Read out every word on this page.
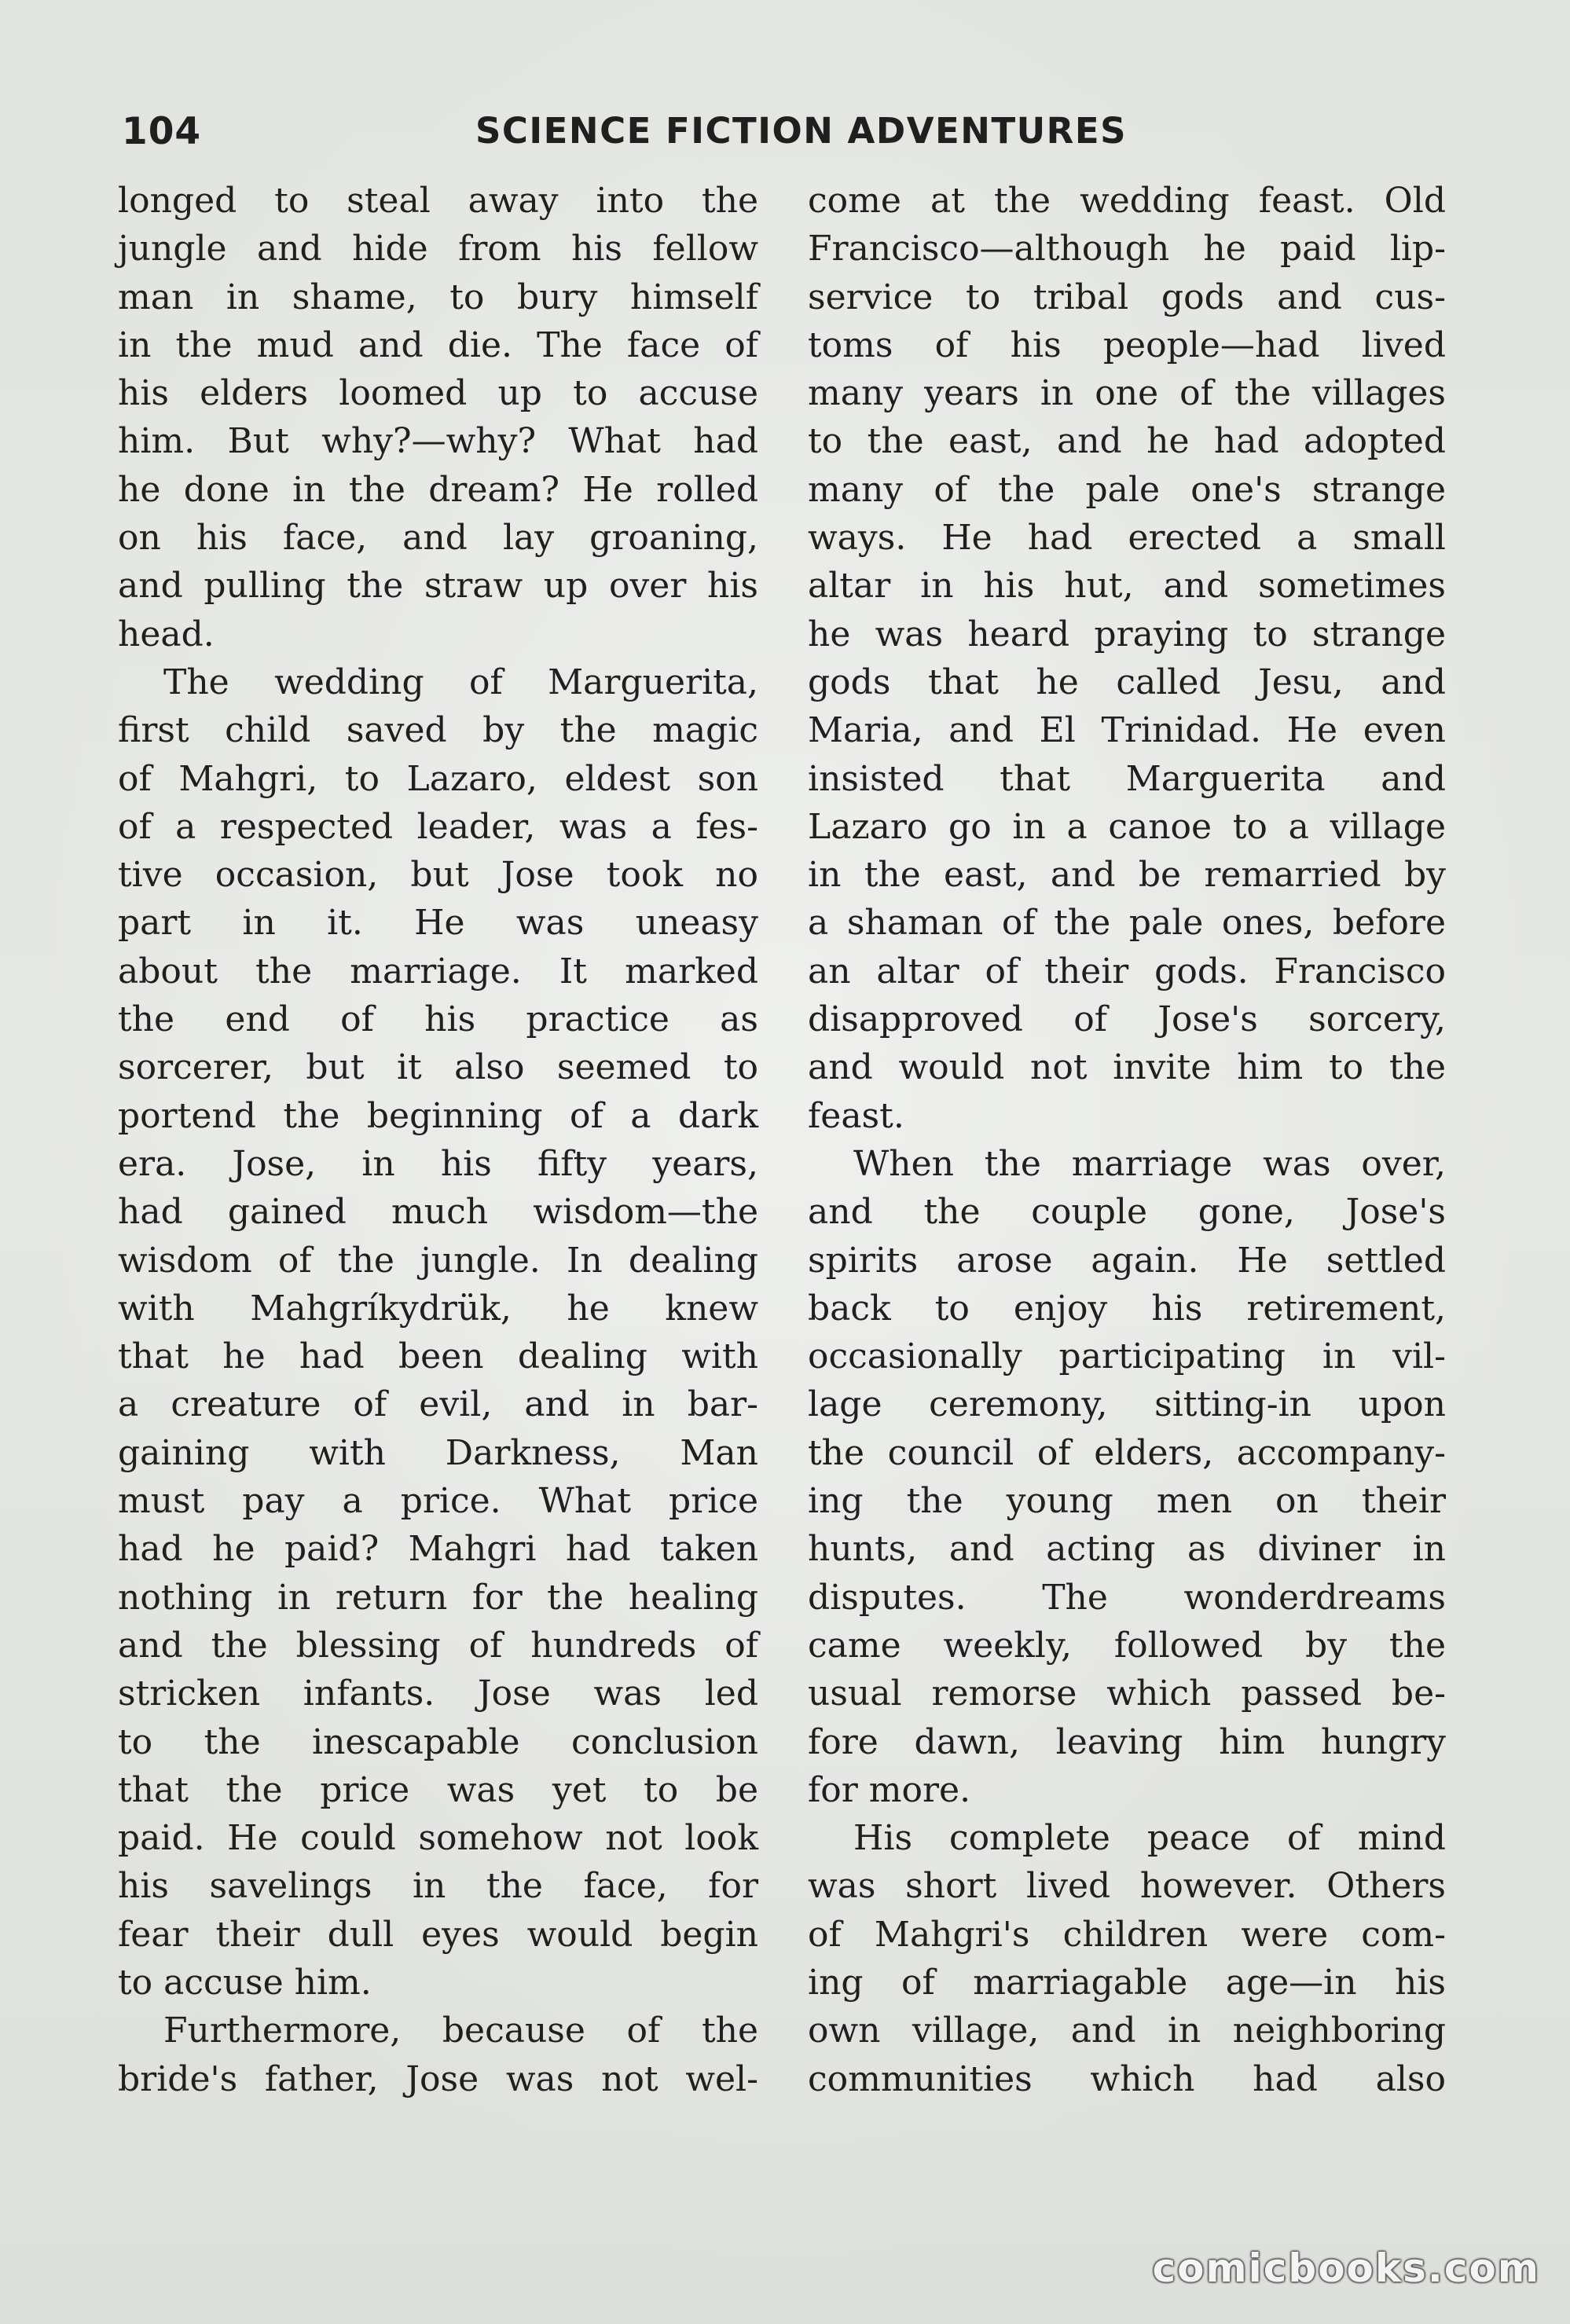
104	SCIENCE FICTION ADVENTURES
longed to steal away into the
jungle and hide from his fellow
man in shame, to bury himself
in the mud and die. The face of
his elders loomed up to accuse
him. But why?—why? What had
he done in the dream? He rolled
on his face, and lay groaning,
and pulling the straw up over his
head.
The wedding of Marguerita,
first child saved by the magic
of Mahgri, to Lazaro, eldest son
of a respected leader, was a fes-
tive occasion, but Jose took no
part in it. He was uneasy
about the marriage. It marked
the end of his practice as
sorcerer, but it also seemed to
portend the beginning of a dark
era. Jose, in his fifty years,
had gained much wisdom—the
wisdom of the jungle. In dealing
with Mahgríkydrük, he knew
that he had been dealing with
a creature of evil, and in bar-
gaining with Darkness, Man
must pay a price. What price
had he paid? Mahgri had taken
nothing in return for the healing
and the blessing of hundreds of
stricken infants. Jose was led
to the inescapable conclusion
that the price was yet to be
paid. He could somehow not look
his savelings in the face, for
fear their dull eyes would begin
to accuse him.
Furthermore, because of the
bride's father, Jose was not wel-
come at the wedding feast. Old
Francisco—although he paid lip-
service to tribal gods and cus-
toms of his people—had lived
many years in one of the villages
to the east, and he had adopted
many of the pale one's strange
ways. He had erected a small
altar in his hut, and sometimes
he was heard praying to strange
gods that he called Jesu, and
Maria, and El Trinidad. He even
insisted that Marguerita and
Lazaro go in a canoe to a village
in the east, and be remarried by
a shaman of the pale ones, before
an altar of their gods. Francisco
disapproved of Jose's sorcery,
and would not invite him to the
feast.
When the marriage was over,
and the couple gone, Jose's
spirits arose again. He settled
back to enjoy his retirement,
occasionally participating in vil-
lage ceremony, sitting-in upon
the council of elders, accompany-
ing the young men on their
hunts, and acting as diviner in
disputes. The wonderdreams
came weekly, followed by the
usual remorse which passed be-
fore dawn, leaving him hungry
for more.
His complete peace of mind
was short lived however. Others
of Mahgri's children were com-
ing of marriagable age—in his
own village, and in neighboring
communities which had also
comicbooks.com
